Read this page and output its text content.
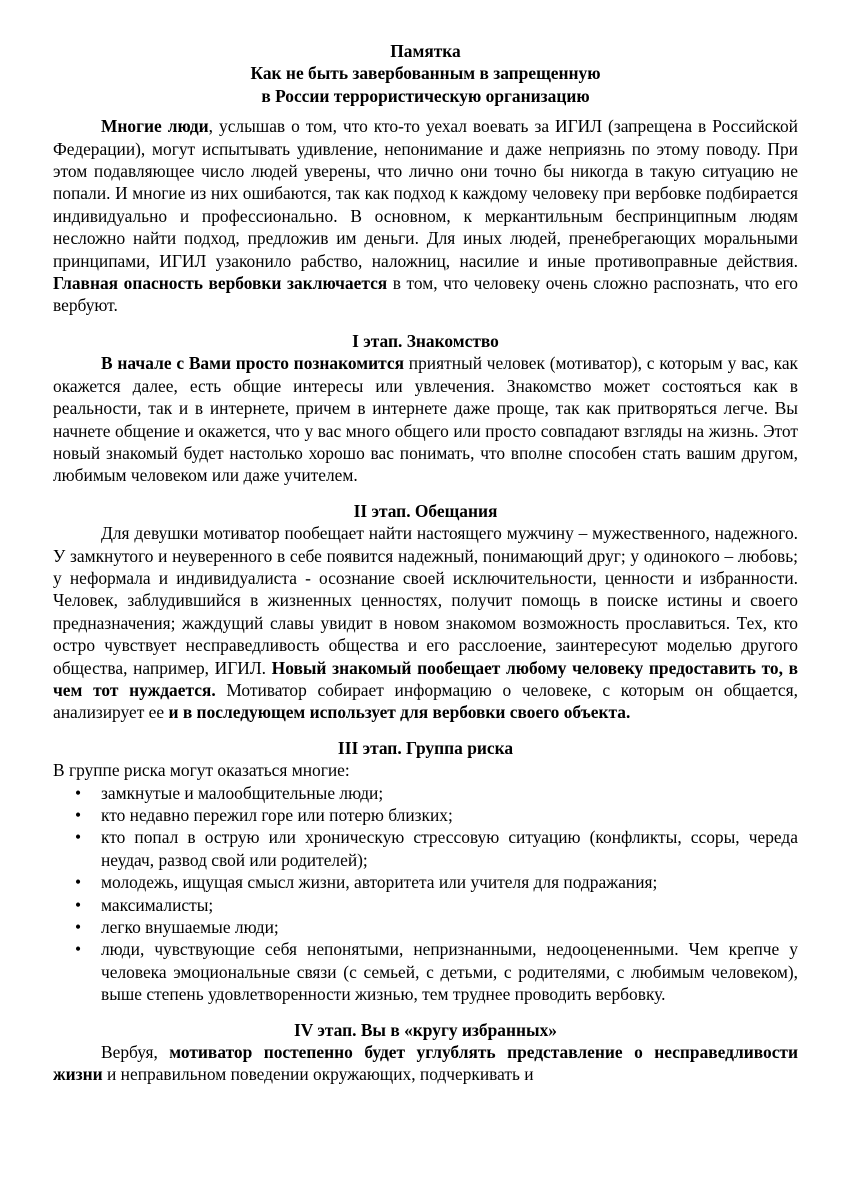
Памятка
Как не быть завербованным в запрещенную
в России террористическую организацию

Многие люди, услышав о том, что кто-то уехал воевать за ИГИЛ (запрещена в Российской Федерации), могут испытывать удивление, непонимание и даже неприязнь по этому поводу. При этом подавляющее число людей уверены, что лично они точно бы никогда в такую ситуацию не попали. И многие из них ошибаются, так как подход к каждому человеку при вербовке подбирается индивидуально и профессионально. В основном, к меркантильным беспринципным людям несложно найти подход, предложив им деньги. Для иных людей, пренебрегающих моральными принципами, ИГИЛ узаконило рабство, наложниц, насилие и иные противоправные действия. Главная опасность вербовки заключается в том, что человеку очень сложно распознать, что его вербуют.

I этап. Знакомство

В начале с Вами просто познакомится приятный человек (мотиватор), с которым у вас, как окажется далее, есть общие интересы или увлечения. Знакомство может состояться как в реальности, так и в интернете, причем в интернете даже проще, так как притворяться легче. Вы начнете общение и окажется, что у вас много общего или просто совпадают взгляды на жизнь. Этот новый знакомый будет настолько хорошо вас понимать, что вполне способен стать вашим другом, любимым человеком или даже учителем.

II этап. Обещания

Для девушки мотиватор пообещает найти настоящего мужчину – мужественного, надежного. У замкнутого и неуверенного в себе появится надежный, понимающий друг; у одинокого – любовь; у неформала и индивидуалиста - осознание своей исключительности, ценности и избранности. Человек, заблудившийся в жизненных ценностях, получит помощь в поиске истины и своего предназначения; жаждущий славы увидит в новом знакомом возможность прославиться. Тех, кто остро чувствует несправедливость общества и его расслоение, заинтересуют моделью другого общества, например, ИГИЛ. Новый знакомый пообещает любому человеку предоставить то, в чем тот нуждается. Мотиватор собирает информацию о человеке, с которым он общается, анализирует ее и в последующем использует для вербовки своего объекта.

III этап. Группа риска

В группе риска могут оказаться многие:

• замкнутые и малообщительные люди;
• кто недавно пережил горе или потерю близких;
• кто попал в острую или хроническую стрессовую ситуацию (конфликты, ссоры, череда неудач, развод свой или родителей);
• молодежь, ищущая смысл жизни, авторитета или учителя для подражания;
• максималисты;
• легко внушаемые люди;
• люди, чувствующие себя непонятыми, непризнанными, недооцененными. Чем крепче у человека эмоциональные связи (с семьей, с детьми, с родителями, с любимым человеком), выше степень удовлетворенности жизнью, тем труднее проводить вербовку.
IV этап. Вы в «кругу избранных»

Вербуя, мотиватор постепенно будет углублять представление о несправедливости жизни и неправильном поведении окружающих, подчеркивать и
